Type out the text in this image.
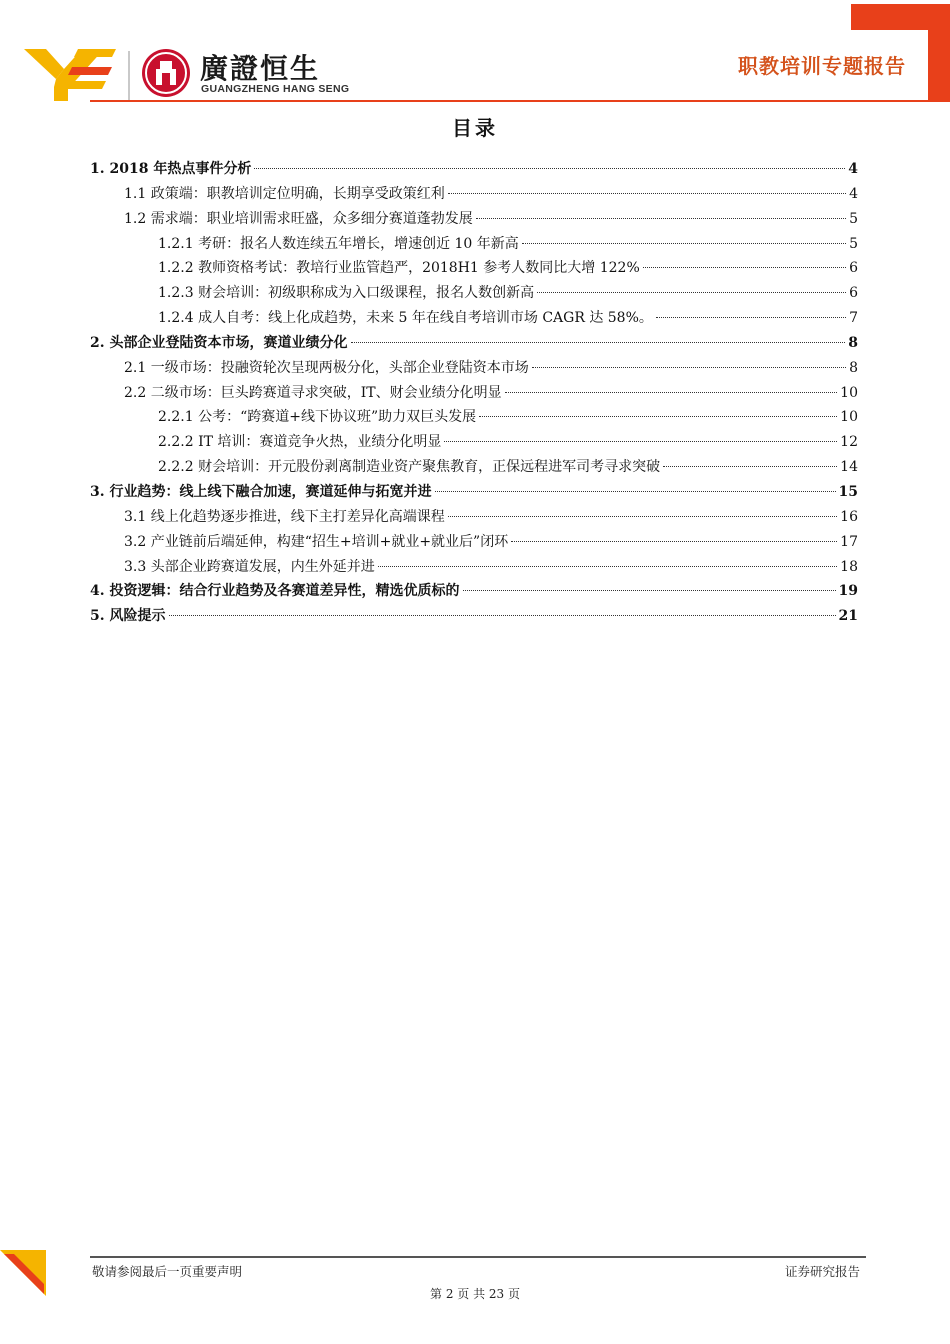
廣證恒生
GUANGZHENG HANG SENG
职教培训专题报告
目录
1. 2018 年热点事件分析	4
1.1 政策端：职教培训定位明确，长期享受政策红利	4
1.2 需求端：职业培训需求旺盛，众多细分赛道蓬勃发展	5
1.2.1 考研：报名人数连续五年增长，增速创近 10 年新高	5
1.2.2 教师资格考试：教培行业监管趋严，2018H1 参考人数同比大增 122%	6
1.2.3 财会培训：初级职称成为入口级课程，报名人数创新高	6
1.2.4 成人自考：线上化成趋势，未来 5 年在线自考培训市场 CAGR 达 58%。	7
2. 头部企业登陆资本市场，赛道业绩分化	8
2.1 一级市场：投融资轮次呈现两极分化，头部企业登陆资本市场	8
2.2 二级市场：巨头跨赛道寻求突破，IT、财会业绩分化明显	10
2.2.1 公考：“跨赛道+线下协议班”助力双巨头发展	10
2.2.2 IT 培训：赛道竞争火热，业绩分化明显	12
2.2.2 财会培训：开元股份剥离制造业资产聚焦教育，正保远程进军司考寻求突破	14
3. 行业趋势：线上线下融合加速，赛道延伸与拓宽并进	15
3.1 线上化趋势逐步推进，线下主打差异化高端课程	16
3.2 产业链前后端延伸，构建“招生+培训+就业+就业后”闭环	17
3.3 头部企业跨赛道发展，内生外延并进	18
4. 投资逻辑：结合行业趋势及各赛道差异性，精选优质标的	19
5. 风险提示	21
敬请参阅最后一页重要声明	证券研究报告
第 2 页 共 23 页
